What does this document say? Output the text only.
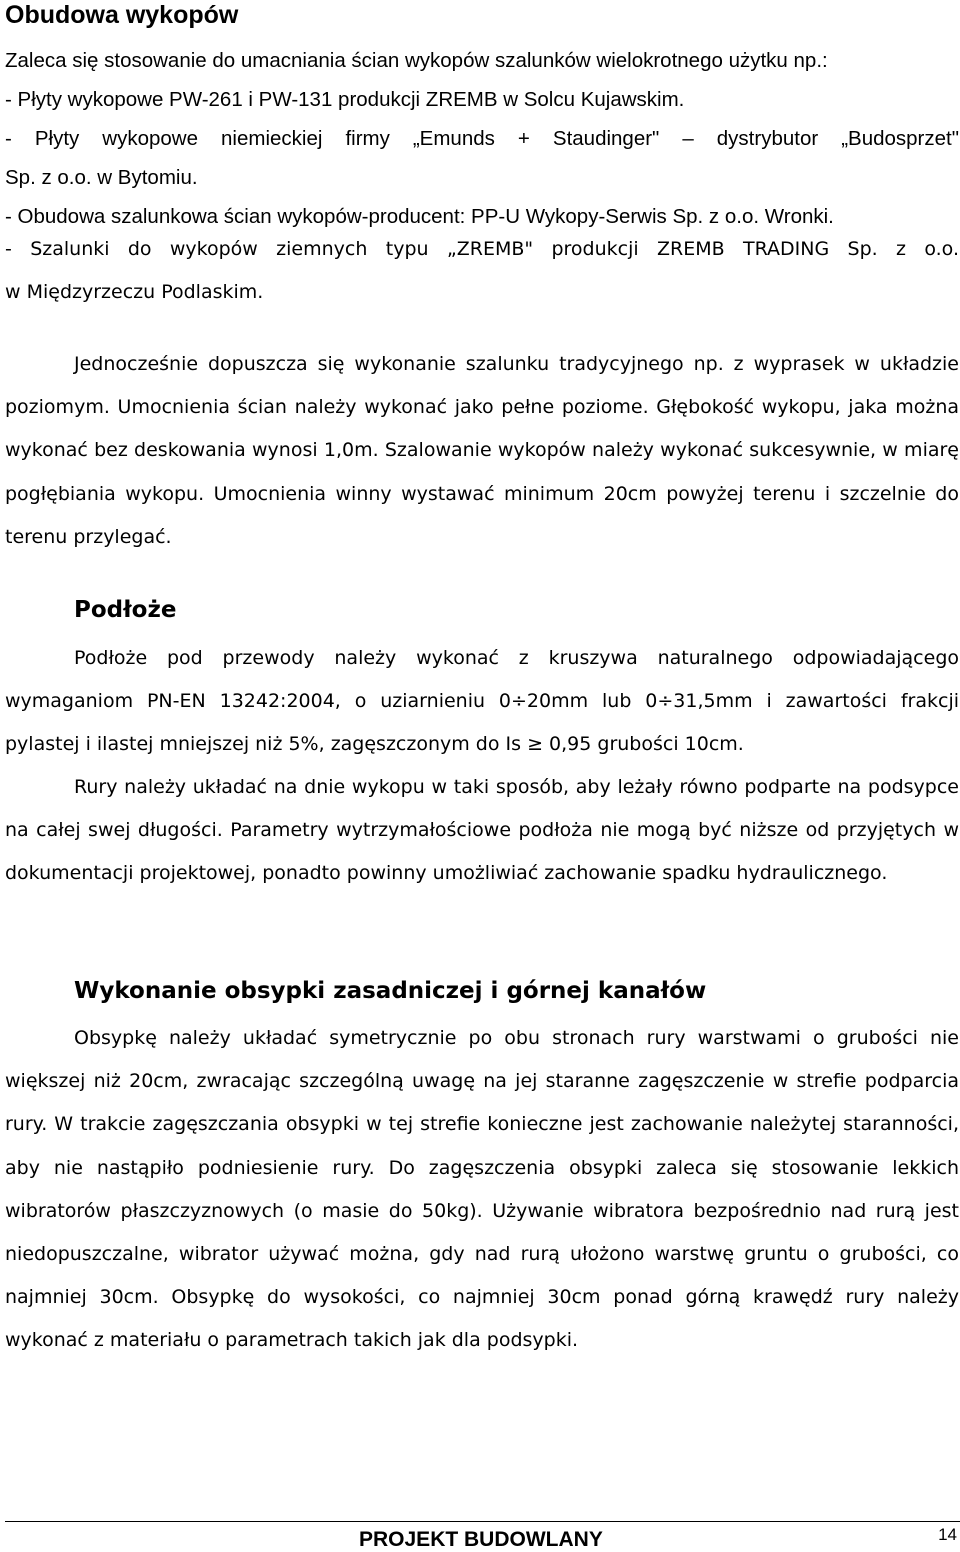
Obudowa wykopów
Zaleca się stosowanie do umacniania ścian wykopów szalunków wielokrotnego użytku np.:
- Płyty wykopowe PW-261 i PW-131 produkcji ZREMB w Solcu Kujawskim.
- Płyty wykopowe niemieckiej firmy „Emunds + Staudinger" – dystrybutor „Budosprzet"
Sp. z o.o. w Bytomiu.
- Obudowa szalunkowa ścian wykopów-producent: PP-U Wykopy-Serwis Sp. z o.o. Wronki.
- Szalunki do wykopów ziemnych typu „ZREMB" produkcji ZREMB TRADING Sp. z o.o.
w Międzyrzeczu Podlaskim.

Jednocześnie dopuszcza się wykonanie szalunku tradycyjnego np. z wyprasek w układzie poziomym. Umocnienia ścian należy wykonać jako pełne poziome. Głębokość wykopu, jaka można wykonać bez deskowania wynosi 1,0m. Szalowanie wykopów należy wykonać sukcesywnie, w miarę pogłębiania wykopu. Umocnienia winny wystawać minimum 20cm powyżej terenu i szczelnie do terenu przylegać.

Podłoże

Podłoże pod przewody należy wykonać z kruszywa naturalnego odpowiadającego wymaganiom PN-EN 13242:2004, o uziarnieniu 0÷20mm lub 0÷31,5mm i zawartości frakcji pylastej i ilastej mniejszej niż 5%, zagęszczonym do Is ≥ 0,95 grubości 10cm.

Rury należy układać na dnie wykopu w taki sposób, aby leżały równo podparte na podsypce na całej swej długości. Parametry wytrzymałościowe podłoża nie mogą być niższe od przyjętych w dokumentacji projektowej, ponadto powinny umożliwiać zachowanie spadku hydraulicznego.

Wykonanie obsypki zasadniczej i górnej kanałów

Obsypkę należy układać symetrycznie po obu stronach rury warstwami o grubości nie większej niż 20cm, zwracając szczególną uwagę na jej staranne zagęszczenie w strefie podparcia rury. W trakcie zagęszczania obsypki w tej strefie konieczne jest zachowanie należytej staranności, aby nie nastąpiło podniesienie rury. Do zagęszczenia obsypki zaleca się stosowanie lekkich wibratorów płaszczyznowych (o masie do 50kg). Używanie wibratora bezpośrednio nad rurą jest niedopuszczalne, wibrator używać można, gdy nad rurą ułożono warstwę gruntu o grubości, co najmniej 30cm. Obsypkę do wysokości, co najmniej 30cm ponad górną krawędź rury należy wykonać z materiału o parametrach takich jak dla podsypki.

PROJEKT BUDOWLANY	14
